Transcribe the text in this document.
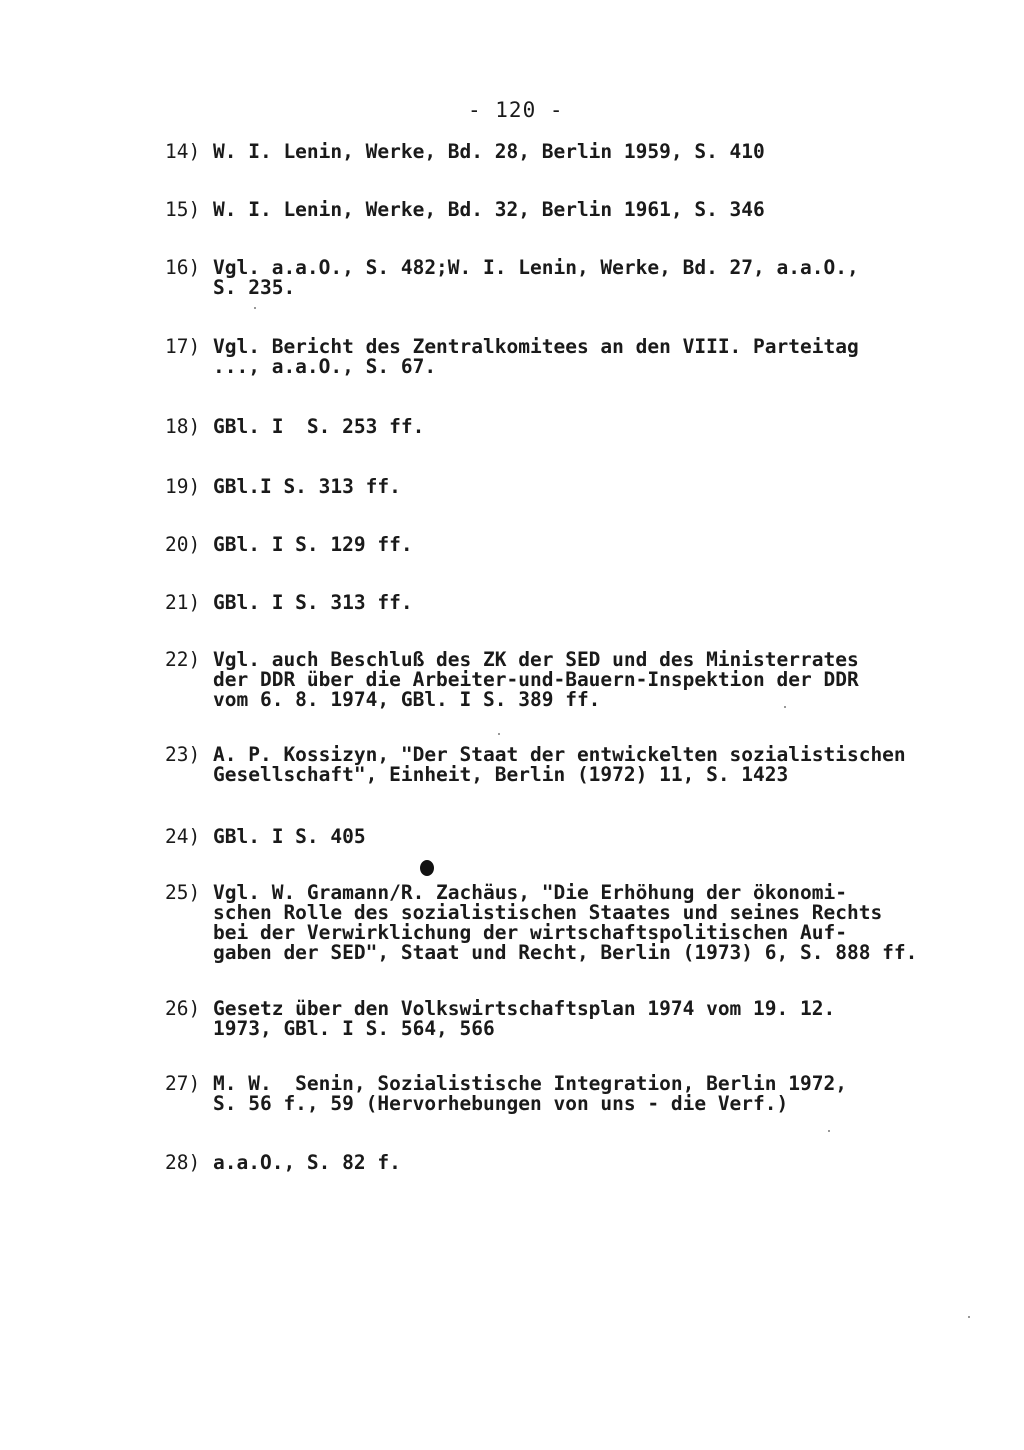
- 120 -
14) W. I. Lenin, Werke, Bd. 28, Berlin 1959, S. 410
15) W. I. Lenin, Werke, Bd. 32, Berlin 1961, S. 346
16) Vgl. a.a.O., S. 482;W. I. Lenin, Werke, Bd. 27, a.a.O.,
S. 235.
17) Vgl. Bericht des Zentralkomitees an den VIII. Parteitag
..., a.a.O., S. 67.
18) GBl. I  S. 253 ff.
19) GBl.I S. 313 ff.
20) GBl. I S. 129 ff.
21) GBl. I S. 313 ff.
22) Vgl. auch Beschluß des ZK der SED und des Ministerrates
der DDR über die Arbeiter-und-Bauern-Inspektion der DDR
vom 6. 8. 1974, GBl. I S. 389 ff.
23) A. P. Kossizyn, "Der Staat der entwickelten sozialistischen
Gesellschaft", Einheit, Berlin (1972) 11, S. 1423
24) GBl. I S. 405
25) Vgl. W. Gramann/R. Zachäus, "Die Erhöhung der ökonomi-
schen Rolle des sozialistischen Staates und seines Rechts
bei der Verwirklichung der wirtschaftspolitischen Auf-
gaben der SED", Staat und Recht, Berlin (1973) 6, S. 888 ff.
26) Gesetz über den Volkswirtschaftsplan 1974 vom 19. 12.
1973, GBl. I S. 564, 566
27) M. W.  Senin, Sozialistische Integration, Berlin 1972,
S. 56 f., 59 (Hervorhebungen von uns - die Verf.)
28) a.a.O., S. 82 f.
